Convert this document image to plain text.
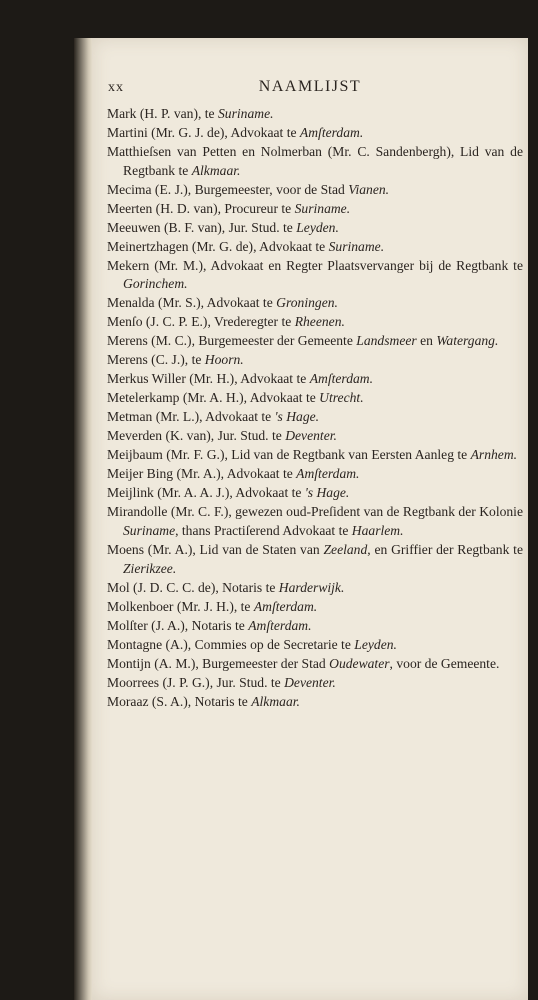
xx	NAAMLIJST

Mark (H. P. van), te Suriname.

Martini (Mr. G. J. de), Advokaat te Amſterdam.

Matthieſsen van Petten en Nolmerban (Mr. C. Sandenbergh), Lid van de Regtbank te Alkmaar.

Mecima (E. J.), Burgemeester, voor de Stad Vianen.

Meerten (H. D. van), Procureur te Suriname.

Meeuwen (B. F. van), Jur. Stud. te Leyden.

Meinertzhagen (Mr. G. de), Advokaat te Suriname.

Mekern (Mr. M.), Advokaat en Regter Plaatsvervanger bij de Regtbank te Gorinchem.

Menalda (Mr. S.), Advokaat te Groningen.

Menſo (J. C. P. E.), Vrederegter te Rheenen.

Merens (M. C.), Burgemeester der Gemeente Landsmeer en Watergang.

Merens (C. J.), te Hoorn.

Merkus Willer (Mr. H.), Advokaat te Amſterdam.

Metelerkamp (Mr. A. H.), Advokaat te Utrecht.

Metman (Mr. L.), Advokaat te 's Hage.

Meverden (K. van), Jur. Stud. te Deventer.

Meijbaum (Mr. F. G.), Lid van de Regtbank van Eersten Aanleg te Arnhem.

Meijer Bing (Mr. A.), Advokaat te Amſterdam.

Meijlink (Mr. A. A. J.), Advokaat te 's Hage.

Mirandolle (Mr. C. F.), gewezen oud-Preſident van de Regtbank der Kolonie Suriname, thans Practiſerend Advokaat te Haarlem.

Moens (Mr. A.), Lid van de Staten van Zeeland, en Griffier der Regtbank te Zierikzee.

Mol (J. D. C. C. de), Notaris te Harderwijk.

Molkenboer (Mr. J. H.), te Amſterdam.

Molſter (J. A.), Notaris te Amſterdam.

Montagne (A.), Commies op de Secretarie te Leyden.

Montijn (A. M.), Burgemeester der Stad Oudewater, voor de Gemeente.

Moorrees (J. P. G.), Jur. Stud. te Deventer.

Moraaz (S. A.), Notaris te Alkmaar.
